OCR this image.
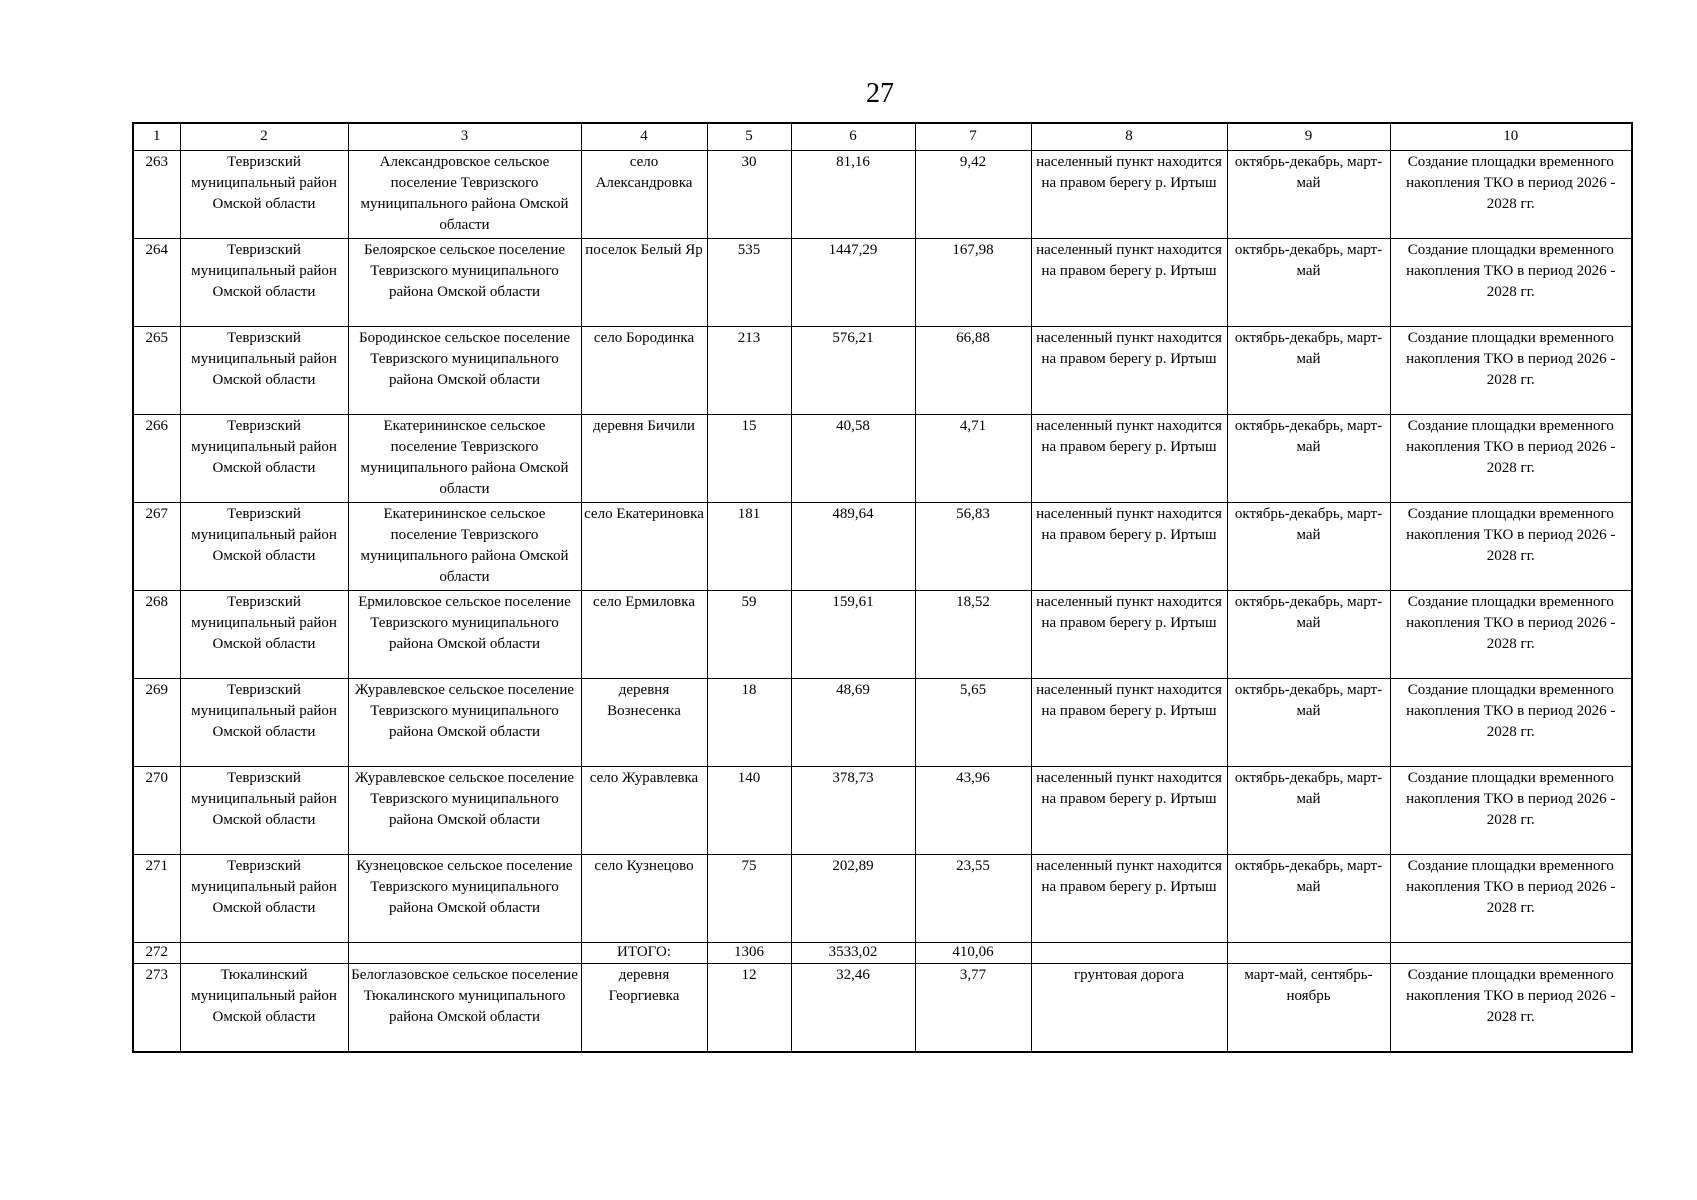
27
1	2	3	4	5	6	7	8	9	10
263	Тевризский муниципальный район Омской области	Александровское сельское поселение Тевризского муниципального района Омской области	село Александровка	30	81,16	9,42	населенный пункт находится на правом берегу р. Иртыш	октябрь-декабрь, март-май	Создание площадки временного накопления ТКО в период 2026 - 2028 гг.
264	Тевризский муниципальный район Омской области	Белоярское сельское поселение Тевризского муниципального района Омской области	поселок Белый Яр	535	1447,29	167,98	населенный пункт находится на правом берегу р. Иртыш	октябрь-декабрь, март-май	Создание площадки временного накопления ТКО в период 2026 - 2028 гг.
265	Тевризский муниципальный район Омской области	Бородинское сельское поселение Тевризского муниципального района Омской области	село Бородинка	213	576,21	66,88	населенный пункт находится на правом берегу р. Иртыш	октябрь-декабрь, март-май	Создание площадки временного накопления ТКО в период 2026 - 2028 гг.
266	Тевризский муниципальный район Омской области	Екатерининское сельское поселение Тевризского муниципального района Омской области	деревня Бичили	15	40,58	4,71	населенный пункт находится на правом берегу р. Иртыш	октябрь-декабрь, март-май	Создание площадки временного накопления ТКО в период 2026 - 2028 гг.
267	Тевризский муниципальный район Омской области	Екатерининское сельское поселение Тевризского муниципального района Омской области	село Екатериновка	181	489,64	56,83	населенный пункт находится на правом берегу р. Иртыш	октябрь-декабрь, март-май	Создание площадки временного накопления ТКО в период 2026 - 2028 гг.
268	Тевризский муниципальный район Омской области	Ермиловское сельское поселение Тевризского муниципального района Омской области	село Ермиловка	59	159,61	18,52	населенный пункт находится на правом берегу р. Иртыш	октябрь-декабрь, март-май	Создание площадки временного накопления ТКО в период 2026 - 2028 гг.
269	Тевризский муниципальный район Омской области	Журавлевское сельское поселение Тевризского муниципального района Омской области	деревня Вознесенка	18	48,69	5,65	населенный пункт находится на правом берегу р. Иртыш	октябрь-декабрь, март-май	Создание площадки временного накопления ТКО в период 2026 - 2028 гг.
270	Тевризский муниципальный район Омской области	Журавлевское сельское поселение Тевризского муниципального района Омской области	село Журавлевка	140	378,73	43,96	населенный пункт находится на правом берегу р. Иртыш	октябрь-декабрь, март-май	Создание площадки временного накопления ТКО в период 2026 - 2028 гг.
271	Тевризский муниципальный район Омской области	Кузнецовское сельское поселение Тевризского муниципального района Омской области	село Кузнецово	75	202,89	23,55	населенный пункт находится на правом берегу р. Иртыш	октябрь-декабрь, март-май	Создание площадки временного накопления ТКО в период 2026 - 2028 гг.
272			ИТОГО:	1306	3533,02	410,06			
273	Тюкалинский муниципальный район Омской области	Белоглазовское сельское поселение Тюкалинского муниципального района Омской области	деревня Георгиевка	12	32,46	3,77	грунтовая дорога	март-май, сентябрь-ноябрь	Создание площадки временного накопления ТКО в период 2026 - 2028 гг.
